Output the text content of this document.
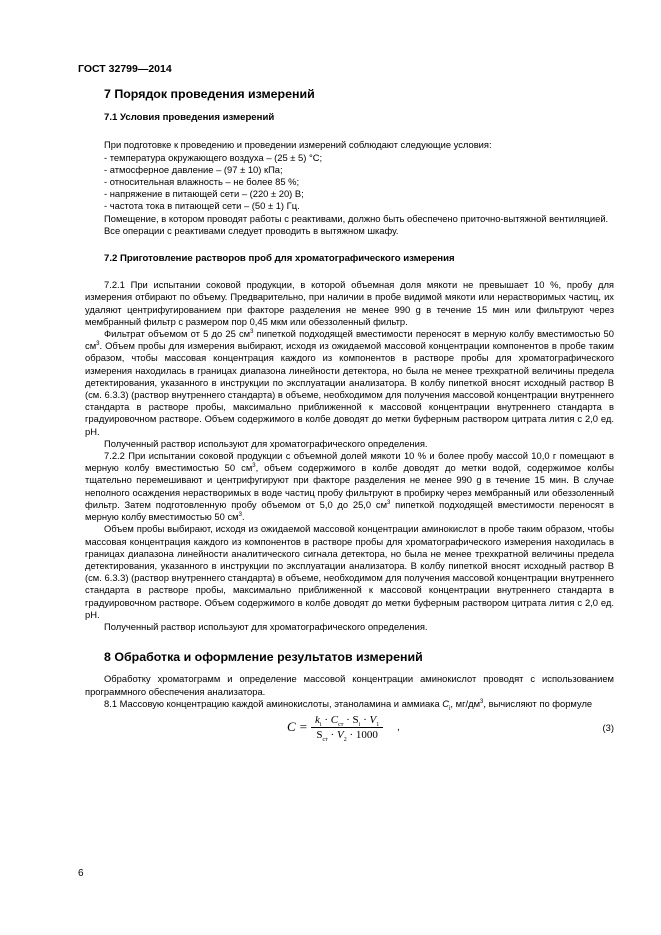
ГОСТ 32799—2014
7 Порядок проведения измерений
7.1 Условия проведения измерений

При подготовке к проведению и проведении измерений соблюдают следующие условия:

- температура окружающего воздуха – (25 ± 5) °С;
- атмосферное давление – (97 ± 10) кПа;
- относительная влажность – не более 85 %;
- напряжение в питающей сети – (220 ± 20) В;
- частота тока в питающей сети – (50 ± 1) Гц.

Помещение, в котором проводят работы с реактивами, должно быть обеспечено приточно-вытяжной вентиляцией.

Все операции с реактивами следует проводить в вытяжном шкафу.

7.2 Приготовление растворов проб для хроматографического измерения

7.2.1 При испытании соковой продукции, в которой объемная доля мякоти не превышает 10 %, пробу для измерения отбирают по объему. Предварительно, при наличии в пробе видимой мякоти или нерастворимых частиц, их удаляют центрифугированием при факторе разделения не менее 990 g в течение 15 мин или фильтруют через мембранный фильтр с размером пор 0,45 мкм или обеззоленный фильтр.

Фильтрат объемом от 5 до 25 $см^3$ пипеткой подходящей вместимости переносят в мерную колбу вместимостью 50 $см^3$. Объем пробы для измерения выбирают, исходя из ожидаемой массовой концентрации компонентов в пробе таким образом, чтобы массовая концентрация каждого из компонентов в растворе пробы для хроматографического измерения находилась в границах диапазона линейности детектора, но была не менее трехкратной величины предела детектирования, указанного в инструкции по эксплуатации анализатора. В колбу пипеткой вносят исходный раствор В (см. 6.3.3) (раствор внутреннего стандарта) в объеме, необходимом для получения массовой концентрации внутреннего стандарта в растворе пробы, максимально приближенной к массовой концентрации внутреннего стандарта в градуировочном растворе. Объем содержимого в колбе доводят до метки буферным раствором цитрата лития с 2,0 ед. рН.

Полученный раствор используют для хроматографического определения.

7.2.2 При испытании соковой продукции с объемной долей мякоти 10 % и более пробу массой 10,0 г помещают в мерную колбу вместимостью 50 $см^3$, объем содержимого в колбе доводят до метки водой, содержимое колбы тщательно перемешивают и центрифугируют при факторе разделения не менее 990 g в течение 15 мин. В случае неполного осаждения нерастворимых в воде частиц пробу фильтруют в пробирку через мембранный или обеззоленный фильтр. Затем подготовленную пробу объемом от 5,0 до 25,0 $см^3$ пипеткой подходящей вместимости переносят в мерную колбу вместимостью 50 $см^3$.

Объем пробы выбирают, исходя из ожидаемой массовой концентрации аминокислот в пробе таким образом, чтобы массовая концентрация каждого из компонентов в растворе пробы для хроматографического измерения находилась в границах диапазона линейности аналитического сигнала детектора, но была не менее трехкратной величины предела детектирования, указанного в инструкции по эксплуатации анализатора. В колбу пипеткой вносят исходный раствор В (см. 6.3.3) (раствор внутреннего стандарта) в объеме, необходимом для получения массовой концентрации внутреннего стандарта в растворе пробы, максимально приближенной к массовой концентрации внутреннего стандарта в градуировочном растворе. Объем содержимого в колбе доводят до метки буферным раствором цитрата лития с 2,0 ед. рН.

Полученный раствор используют для хроматографического определения.

8 Обработка и оформление результатов измерений

Обработку хроматограмм и определение массовой концентрации аминокислот проводят с использованием программного обеспечения анализатора.

8.1 Массовую концентрацию каждой аминокислоты, этаноламина и аммиака $C_i$, $мг/дм^3$, вычисляют по формуле

$C = k_i \cdot C_{ст} \cdot S_i \cdot V_1$
$S_{ст} \cdot V_2 \cdot 1000$
,	(3)
6
